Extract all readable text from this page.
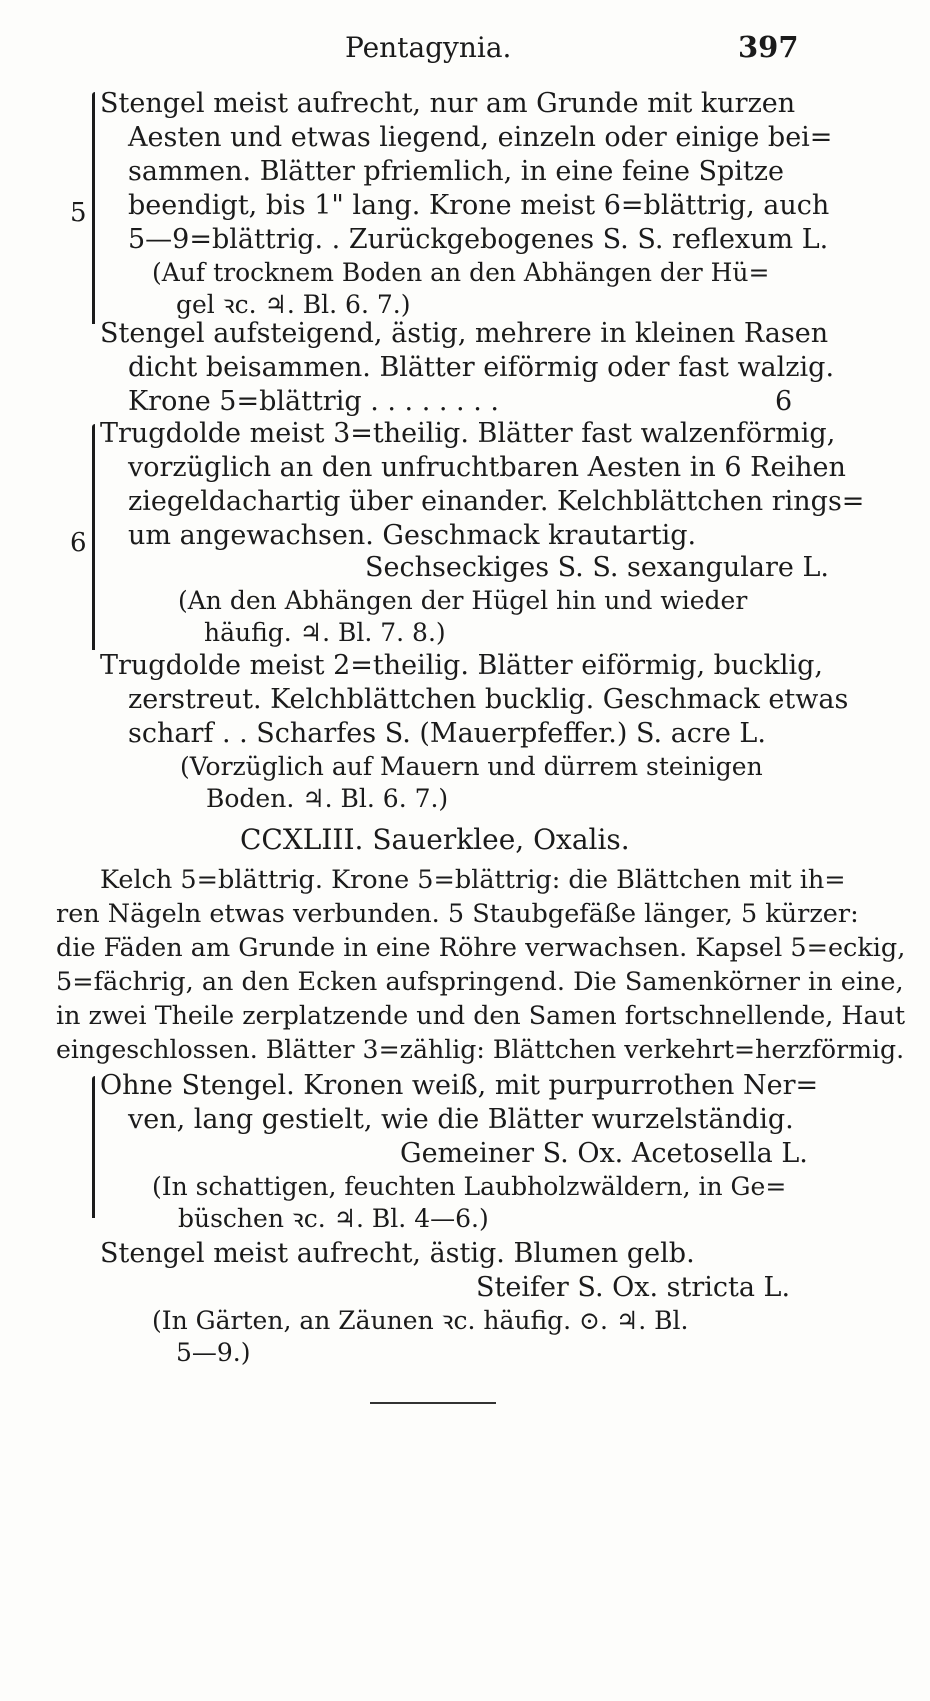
Pentagynia.	397
5
Stengel meist aufrecht, nur am Grunde mit kurzen
Aesten und etwas liegend, einzeln oder einige bei=
sammen. Blätter pfriemlich, in eine feine Spitze
beendigt, bis 1" lang. Krone meist 6=blättrig, auch
5—9=blättrig. . Zurückgebogenes S. S. reflexum L.
(Auf trocknem Boden an den Abhängen der Hü=
gel ꝛc. ♃. Bl. 6. 7.)
Stengel aufsteigend, ästig, mehrere in kleinen Rasen
dicht beisammen. Blätter eiförmig oder fast walzig.
Krone 5=blättrig . . . . . . . .	6
6
Trugdolde meist 3=theilig. Blätter fast walzenförmig,
vorzüglich an den unfruchtbaren Aesten in 6 Reihen
ziegeldachartig über einander. Kelchblättchen rings=
um angewachsen. Geschmack krautartig.
Sechseckiges S. S. sexangulare L.
(An den Abhängen der Hügel hin und wieder
häufig. ♃. Bl. 7. 8.)
Trugdolde meist 2=theilig. Blätter eiförmig, bucklig,
zerstreut. Kelchblättchen bucklig. Geschmack etwas
scharf . . Scharfes S. (Mauerpfeffer.) S. acre L.
(Vorzüglich auf Mauern und dürrem steinigen
Boden. ♃. Bl. 6. 7.)
CCXLIII. Sauerklee, Oxalis.
Kelch 5=blättrig. Krone 5=blättrig: die Blättchen mit ih=
ren Nägeln etwas verbunden. 5 Staubgefäße länger, 5 kürzer:
die Fäden am Grunde in eine Röhre verwachsen. Kapsel 5=eckig,
5=fächrig, an den Ecken aufspringend. Die Samenkörner in eine,
in zwei Theile zerplatzende und den Samen fortschnellende, Haut
eingeschlossen. Blätter 3=zählig: Blättchen verkehrt=herzförmig.
Ohne Stengel. Kronen weiß, mit purpurrothen Ner=
ven, lang gestielt, wie die Blätter wurzelständig.
Gemeiner S. Ox. Acetosella L.
(In schattigen, feuchten Laubholzwäldern, in Ge=
büschen ꝛc. ♃. Bl. 4—6.)
Stengel meist aufrecht, ästig. Blumen gelb.
Steifer S. Ox. stricta L.
(In Gärten, an Zäunen ꝛc. häufig. ⊙. ♃. Bl.
5—9.)
